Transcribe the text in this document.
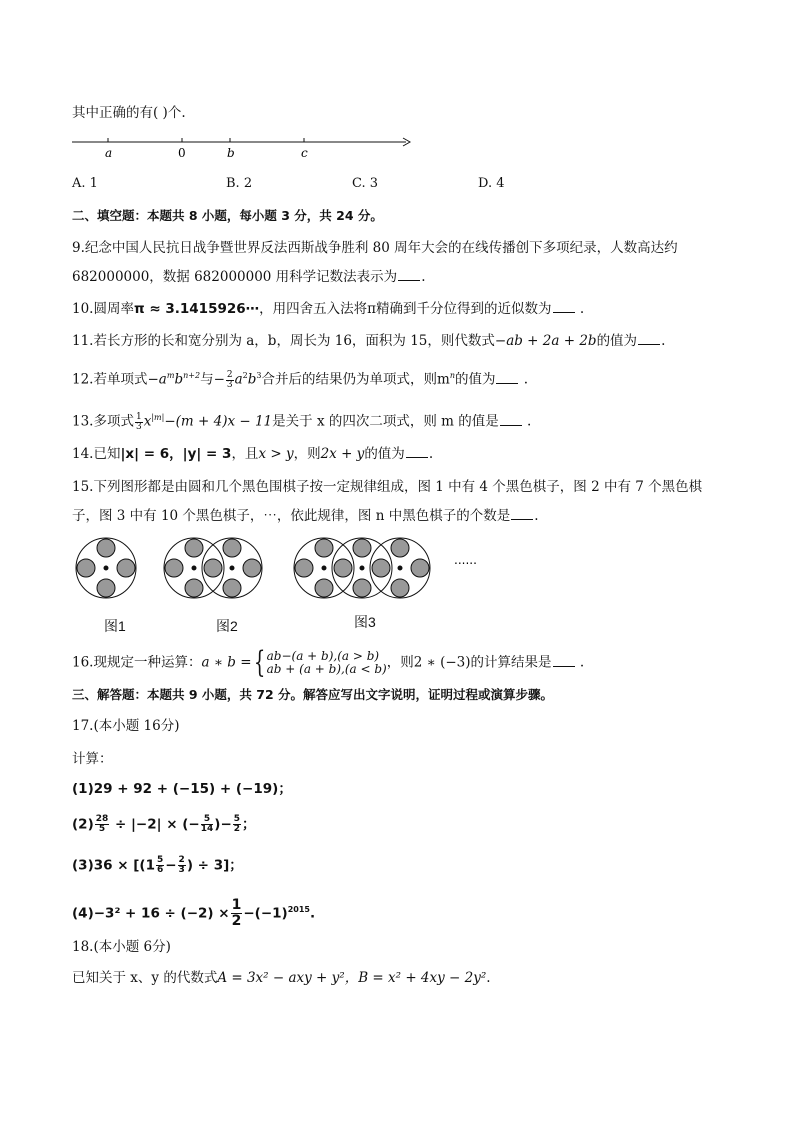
其中正确的有( )个.
a	0	b	c
A. 1	B. 2	C. 3	D. 4
二、填空题：本题共 8 小题，每小题 3 分，共 24 分。
9.纪念中国人民抗日战争暨世界反法西斯战争胜利 80 周年大会的在线传播创下多项纪录，人数高达约
682000000，数据 682000000 用科学记数法表示为 .
10.圆周率π ≈ 3.1415926⋯，用四舍五入法将π精确到千分位得到的近似数为 .
11.若长方形的长和宽分别为 a，b，周长为 16，面积为 15，则代数式−ab + 2a + 2b的值为 .
12.若单项式$-a^mb^{n+2}$与− $\frac{2}{3} a^2b^3$合并后的结果仍为单项式，则$m^n$的值为 .
13.多项式 $\frac{1}{3} x^{|m|}-(m + 4)x - 11$是关于 x 的四次二项式，则 m 的值是 .
14.已知|x| = 6，|y| = 3，且x > y，则2x + y的值为 .
15.下列图形都是由圆和几个黑色围棋子按一定规律组成，图 1 中有 4 个黑色棋子，图 2 中有 7 个黑色棋
子，图 3 中有 10 个黑色棋子，⋯，依此规律，图 n 中黑色棋子的个数是 .
......
图1	图2	图3
16.现规定一种运算：a ∗ b ={ ab−(a + b),(a > b)
ab + (a + b),(a < b) ，则2 ∗ (−3)的计算结果是 .
三、解答题：本题共 9 小题，共 72 分。解答应写出文字说明，证明过程或演算步骤。
17.(本小题 16分)
计算：
(1)29 + 92 + (−15) + (−19)；
$(2) \frac{28}{5} \div |-2|$ × (− $\frac{5}{14}$ )− $\frac{5}{2}$ ；
$(3)36 \times [(1 \frac{5}{6} - \frac{2}{3}$ ) ÷ 3]；
$(4)-3^2 + 16 \div (-2) \times \frac{1}{2} -(-1)^{2015}$.
18.(本小题 6分)
已知关于 x、y 的代数式A = 3x² − axy + y²，B = x² + 4xy − 2y².
